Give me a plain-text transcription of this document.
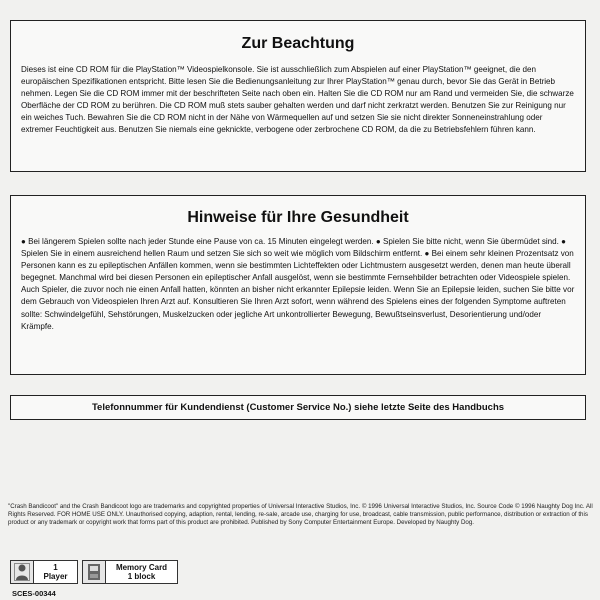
Zur Beachtung

Dieses ist eine CD ROM für die PlayStation™ Videospielkonsole. Sie ist ausschließlich zum Abspielen auf einer PlayStation™ geeignet, die den europäischen Spezifikationen entspricht. Bitte lesen Sie die Bedienungsanleitung zur Ihrer PlayStation™ genau durch, bevor Sie das Gerät in Betrieb nehmen. Legen Sie die CD ROM immer mit der beschrifteten Seite nach oben ein. Halten Sie die CD ROM nur am Rand und vermeiden Sie, die schwarze Oberfläche der CD ROM zu berühren. Die CD ROM muß stets sauber gehalten werden und darf nicht zerkratzt werden. Benutzen Sie zur Reinigung nur ein weiches Tuch. Bewahren Sie die CD ROM nicht in der Nähe von Wärmequellen auf und setzen Sie sie nicht direkter Sonneneinstrahlung oder extremer Feuchtigkeit aus. Benutzen Sie niemals eine geknickte, verbogene oder zerbrochene CD ROM, da die zu Betriebsfehlern führen kann.

Hinweise für Ihre Gesundheit

● Bei längerem Spielen sollte nach jeder Stunde eine Pause von ca. 15 Minuten eingelegt werden. ● Spielen Sie bitte nicht, wenn Sie übermüdet sind. ● Spielen Sie in einem ausreichend hellen Raum und setzen Sie sich so weit wie möglich vom Bildschirm entfernt. ● Bei einem sehr kleinen Prozentsatz von Personen kann es zu epileptischen Anfällen kommen, wenn sie bestimmten Lichteffekten oder Lichtmustern ausgesetzt werden, denen man heute überall begegnet. Manchmal wird bei diesen Personen ein epileptischer Anfall ausgelöst, wenn sie bestimmte Fernsehbilder betrachten oder Videospiele spielen. Auch Spieler, die zuvor noch nie einen Anfall hatten, könnten an bisher nicht erkannter Epilepsie leiden. Wenn Sie an Epilepsie leiden, suchen Sie bitte vor dem Gebrauch von Videospielen Ihren Arzt auf. Konsultieren Sie Ihren Arzt sofort, wenn während des Spielens eines der folgenden Symptome auftreten sollte: Schwindelgefühl, Sehstörungen, Muskelzucken oder jegliche Art unkontrollierter Bewegung, Bewußtseinsverlust, Desorientierung und/oder Krämpfe.

Telefonnummer für Kundendienst (Customer Service No.) siehe letzte Seite des Handbuchs
"Crash Bandicoot" and the Crash Bandicoot logo are trademarks and copyrighted properties of Universal Interactive Studios, Inc. © 1996 Universal Interactive Studios, Inc. Source Code © 1996 Naughty Dog Inc. All Rights Reserved. FOR HOME USE ONLY. Unauthorised copying, adaption, rental, lending, re-sale, arcade use, charging for use, broadcast, cable transmission, public performance, distribution or extraction of this product or any trademark or copyright work that forms part of this product are prohibited. Published by Sony Computer Entertainment Europe. Developed by Naughty Dog.
1
Player
Memory Card
1 block
SCES-00344
